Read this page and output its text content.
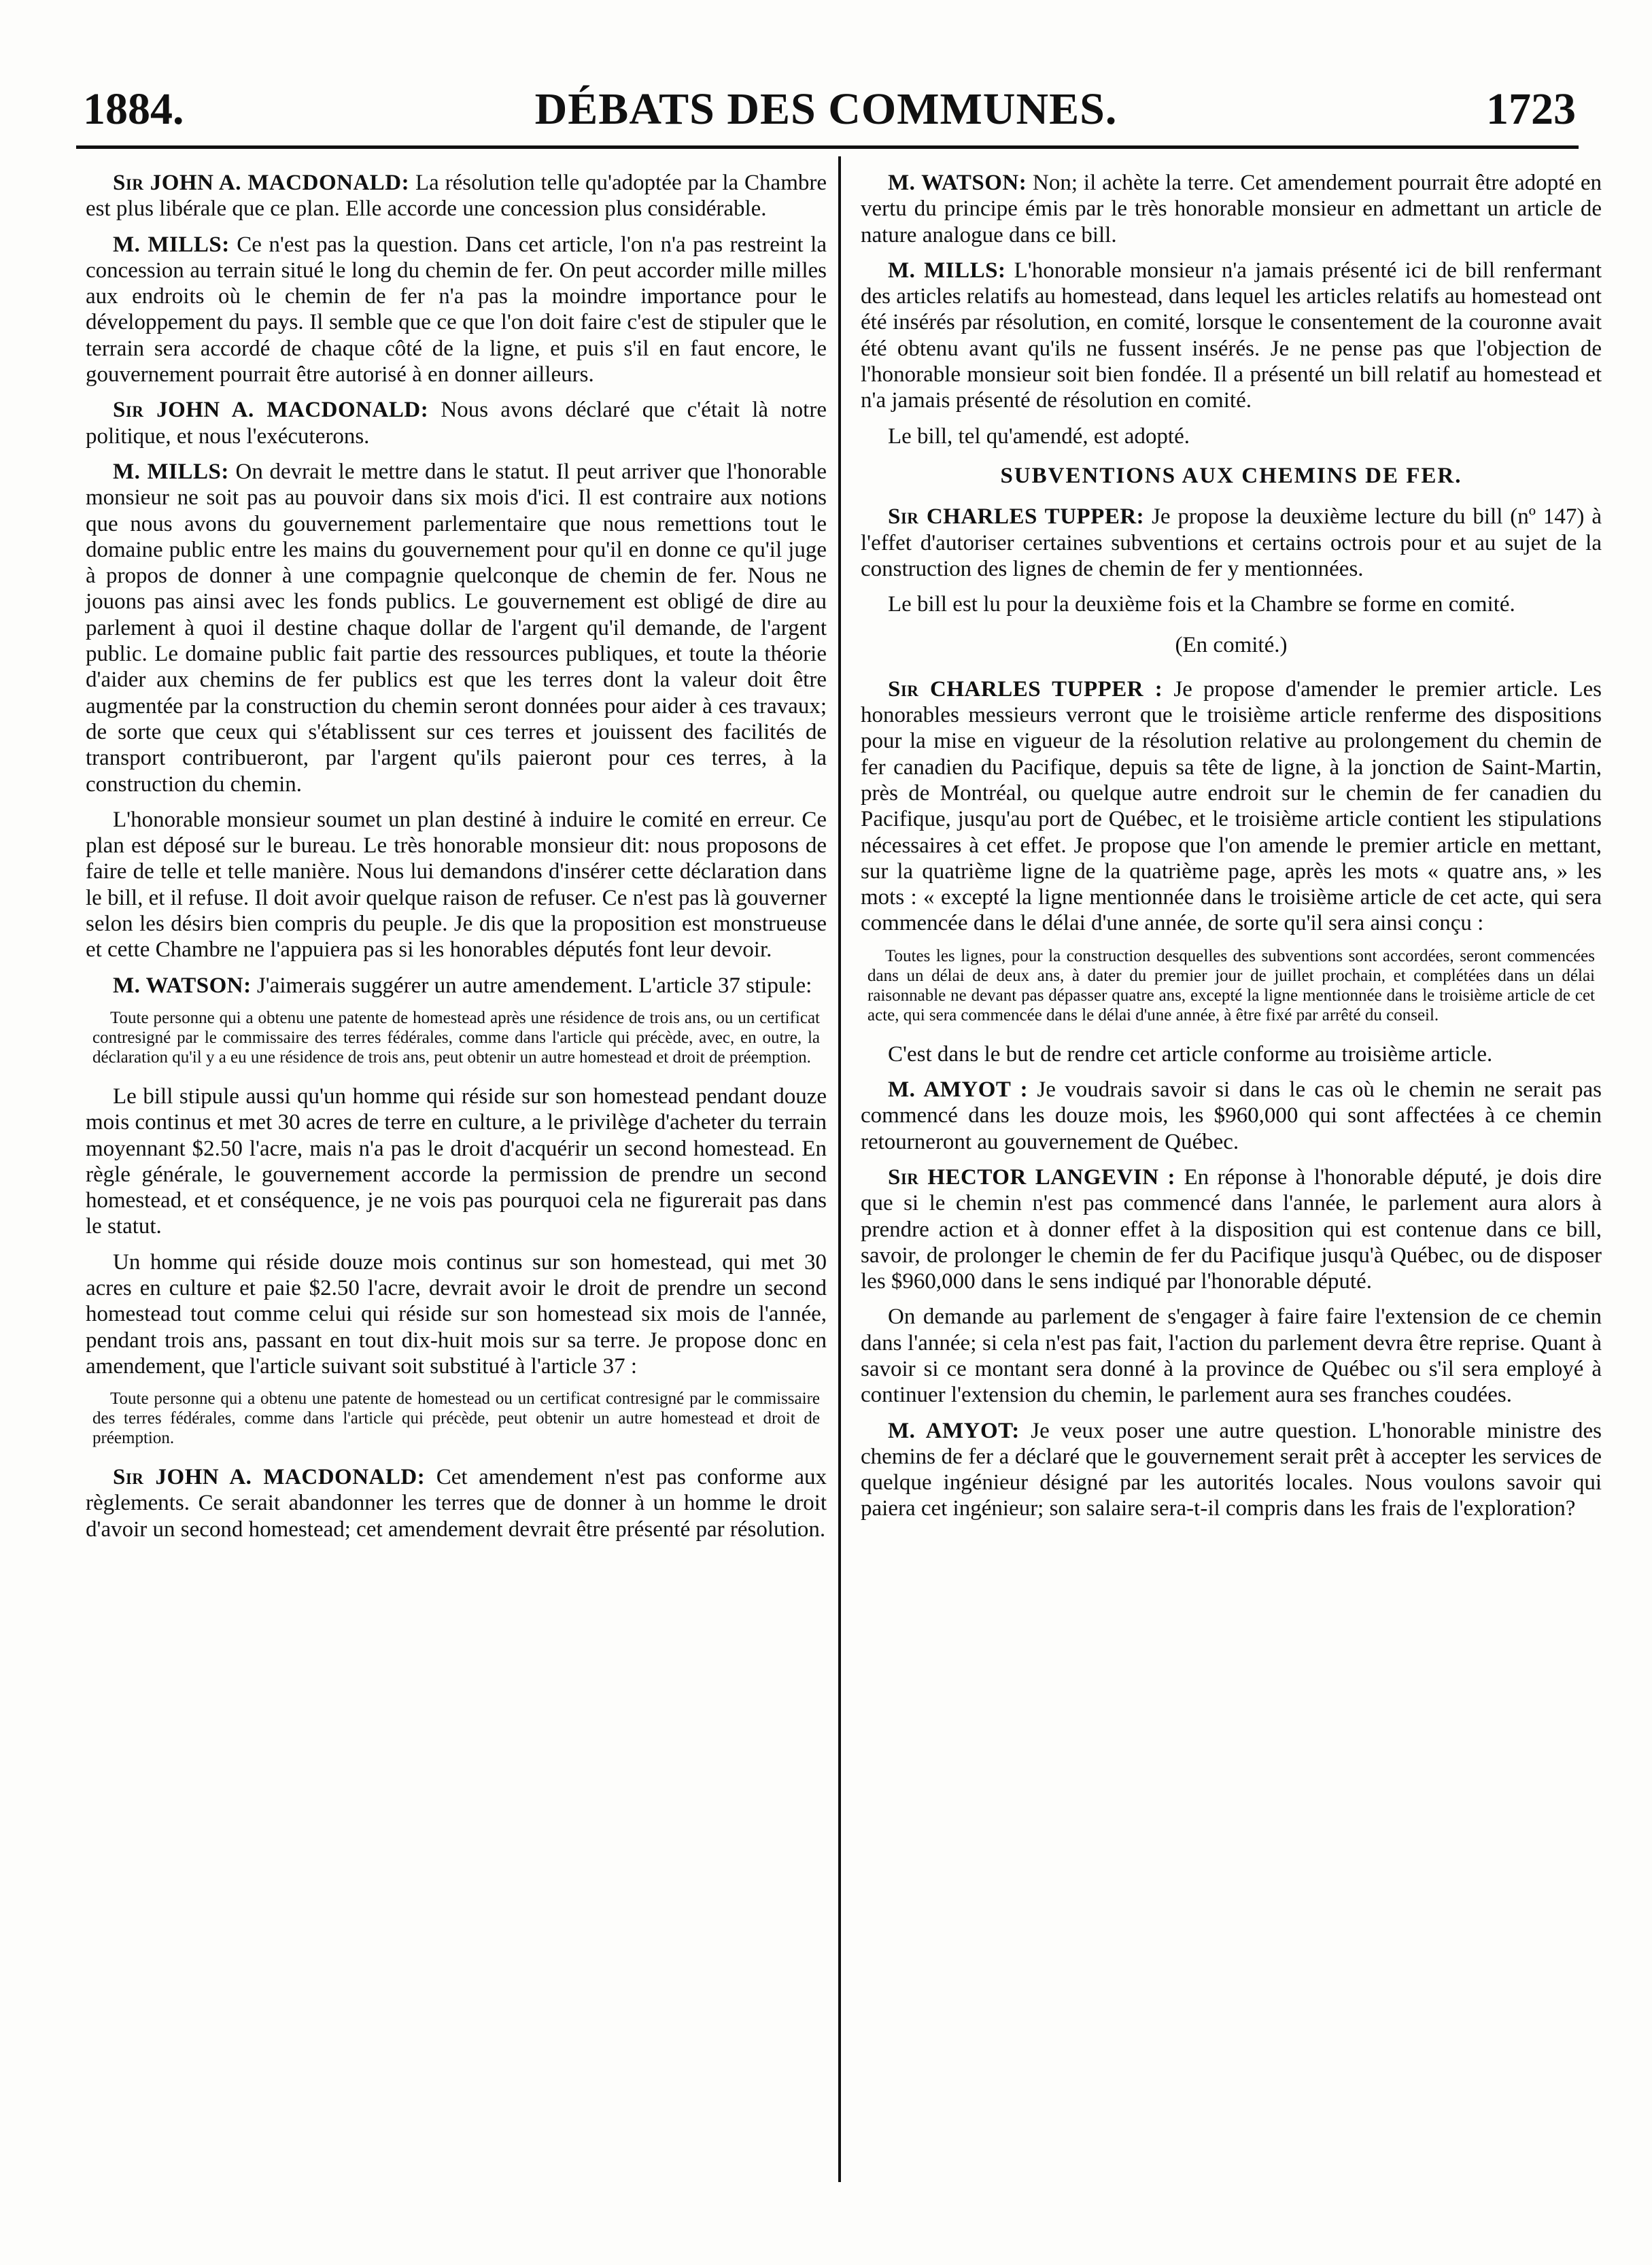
1884.	DÉBATS DES COMMUNES.	1723

Sir JOHN A. MACDONALD: La résolution telle qu'adoptée par la Chambre est plus libérale que ce plan. Elle accorde une concession plus considérable.

M. MILLS: Ce n'est pas la question. Dans cet article, l'on n'a pas restreint la concession au terrain situé le long du chemin de fer. On peut accorder mille milles aux endroits où le chemin de fer n'a pas la moindre importance pour le développement du pays. Il semble que ce que l'on doit faire c'est de stipuler que le terrain sera accordé de chaque côté de la ligne, et puis s'il en faut encore, le gouvernement pourrait être autorisé à en donner ailleurs.

Sir JOHN A. MACDONALD: Nous avons déclaré que c'était là notre politique, et nous l'exécuterons.

M. MILLS: On devrait le mettre dans le statut. Il peut arriver que l'honorable monsieur ne soit pas au pouvoir dans six mois d'ici. Il est contraire aux notions que nous avons du gouvernement parlementaire que nous remettions tout le domaine public entre les mains du gouvernement pour qu'il en donne ce qu'il juge à propos de donner à une compagnie quelconque de chemin de fer. Nous ne jouons pas ainsi avec les fonds publics. Le gouvernement est obligé de dire au parlement à quoi il destine chaque dollar de l'argent qu'il demande, de l'argent public. Le domaine public fait partie des ressources publiques, et toute la théorie d'aider aux chemins de fer publics est que les terres dont la valeur doit être augmentée par la construction du chemin seront données pour aider à ces travaux; de sorte que ceux qui s'établissent sur ces terres et jouissent des facilités de transport contribueront, par l'argent qu'ils paieront pour ces terres, à la construction du chemin.

L'honorable monsieur soumet un plan destiné à induire le comité en erreur. Ce plan est déposé sur le bureau. Le très honorable monsieur dit: nous proposons de faire de telle et telle manière. Nous lui demandons d'insérer cette déclaration dans le bill, et il refuse. Il doit avoir quelque raison de refuser. Ce n'est pas là gouverner selon les désirs bien compris du peuple. Je dis que la proposition est monstrueuse et cette Chambre ne l'appuiera pas si les honorables députés font leur devoir.

M. WATSON: J'aimerais suggérer un autre amendement. L'article 37 stipule:

Toute personne qui a obtenu une patente de homestead après une résidence de trois ans, ou un certificat contresigné par le commissaire des terres fédérales, comme dans l'article qui précède, avec, en outre, la déclaration qu'il y a eu une résidence de trois ans, peut obtenir un autre homestead et droit de préemption.

Le bill stipule aussi qu'un homme qui réside sur son homestead pendant douze mois continus et met 30 acres de terre en culture, a le privilège d'acheter du terrain moyennant $2.50 l'acre, mais n'a pas le droit d'acquérir un second homestead. En règle générale, le gouvernement accorde la permission de prendre un second homestead, et et conséquence, je ne vois pas pourquoi cela ne figurerait pas dans le statut.

Un homme qui réside douze mois continus sur son homestead, qui met 30 acres en culture et paie $2.50 l'acre, devrait avoir le droit de prendre un second homestead tout comme celui qui réside sur son homestead six mois de l'année, pendant trois ans, passant en tout dix-huit mois sur sa terre. Je propose donc en amendement, que l'article suivant soit substitué à l'article 37 :

Toute personne qui a obtenu une patente de homestead ou un certificat contresigné par le commissaire des terres fédérales, comme dans l'article qui précède, peut obtenir un autre homestead et droit de préemption.

Sir JOHN A. MACDONALD: Cet amendement n'est pas conforme aux règlements. Ce serait abandonner les terres que de donner à un homme le droit d'avoir un second homestead; cet amendement devrait être présenté par résolution.

M. WATSON: Non; il achète la terre. Cet amendement pourrait être adopté en vertu du principe émis par le très honorable monsieur en admettant un article de nature analogue dans ce bill.

M. MILLS: L'honorable monsieur n'a jamais présenté ici de bill renfermant des articles relatifs au homestead, dans lequel les articles relatifs au homestead ont été insérés par résolution, en comité, lorsque le consentement de la couronne avait été obtenu avant qu'ils ne fussent insérés. Je ne pense pas que l'objection de l'honorable monsieur soit bien fondée. Il a présenté un bill relatif au homestead et n'a jamais présenté de résolution en comité.

Le bill, tel qu'amendé, est adopté.

SUBVENTIONS AUX CHEMINS DE FER.

Sir CHARLES TUPPER: Je propose la deuxième lecture du bill (nº 147) à l'effet d'autoriser certaines subventions et certains octrois pour et au sujet de la construction des lignes de chemin de fer y mentionnées.

Le bill est lu pour la deuxième fois et la Chambre se forme en comité.

(En comité.)

Sir CHARLES TUPPER : Je propose d'amender le premier article. Les honorables messieurs verront que le troisième article renferme des dispositions pour la mise en vigueur de la résolution relative au prolongement du chemin de fer canadien du Pacifique, depuis sa tête de ligne, à la jonction de Saint-Martin, près de Montréal, ou quelque autre endroit sur le chemin de fer canadien du Pacifique, jusqu'au port de Québec, et le troisième article contient les stipulations nécessaires à cet effet. Je propose que l'on amende le premier article en mettant, sur la quatrième ligne de la quatrième page, après les mots « quatre ans, » les mots : « excepté la ligne mentionnée dans le troisième article de cet acte, qui sera commencée dans le délai d'une année, de sorte qu'il sera ainsi conçu :

Toutes les lignes, pour la construction desquelles des subventions sont accordées, seront commencées dans un délai de deux ans, à dater du premier jour de juillet prochain, et complétées dans un délai raisonnable ne devant pas dépasser quatre ans, excepté la ligne mentionnée dans le troisième article de cet acte, qui sera commencée dans le délai d'une année, à être fixé par arrêté du conseil.

C'est dans le but de rendre cet article conforme au troisième article.

M. AMYOT : Je voudrais savoir si dans le cas où le chemin ne serait pas commencé dans les douze mois, les $960,000 qui sont affectées à ce chemin retourneront au gouvernement de Québec.

Sir HECTOR LANGEVIN : En réponse à l'honorable député, je dois dire que si le chemin n'est pas commencé dans l'année, le parlement aura alors à prendre action et à donner effet à la disposition qui est contenue dans ce bill, savoir, de prolonger le chemin de fer du Pacifique jusqu'à Québec, ou de disposer les $960,000 dans le sens indiqué par l'honorable député.

On demande au parlement de s'engager à faire faire l'extension de ce chemin dans l'année; si cela n'est pas fait, l'action du parlement devra être reprise. Quant à savoir si ce montant sera donné à la province de Québec ou s'il sera employé à continuer l'extension du chemin, le parlement aura ses franches coudées.

M. AMYOT: Je veux poser une autre question. L'honorable ministre des chemins de fer a déclaré que le gouvernement serait prêt à accepter les services de quelque ingénieur désigné par les autorités locales. Nous voulons savoir qui paiera cet ingénieur; son salaire sera-t-il compris dans les frais de l'exploration?
